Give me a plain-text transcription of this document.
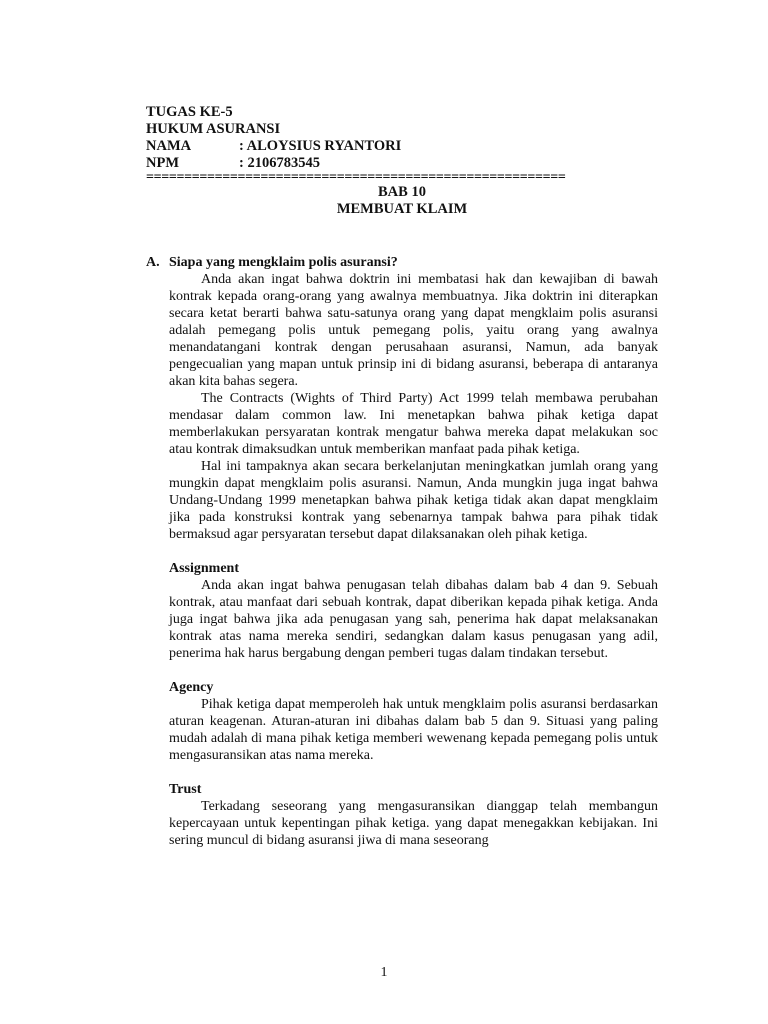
TUGAS KE-5
HUKUM ASURANSI
NAMA	: ALOYSIUS RYANTORI
NPM	: 2106783545
=======================================================
BAB 10
MEMBUAT KLAIM
A. Siapa yang mengklaim polis asuransi?

Anda akan ingat bahwa doktrin ini membatasi hak dan kewajiban di bawah kontrak kepada orang-orang yang awalnya membuatnya. Jika doktrin ini diterapkan secara ketat berarti bahwa satu-satunya orang yang dapat mengklaim polis asuransi adalah pemegang polis untuk pemegang polis, yaitu orang yang awalnya menandatangani kontrak dengan perusahaan asuransi, Namun, ada banyak pengecualian yang mapan untuk prinsip ini di bidang asuransi, beberapa di antaranya akan kita bahas segera.

The Contracts (Wights of Third Party) Act 1999 telah membawa perubahan mendasar dalam common law. Ini menetapkan bahwa pihak ketiga dapat memberlakukan persyaratan kontrak mengatur bahwa mereka dapat melakukan soc atau kontrak dimaksudkan untuk memberikan manfaat pada pihak ketiga.

Hal ini tampaknya akan secara berkelanjutan meningkatkan jumlah orang yang mungkin dapat mengklaim polis asuransi. Namun, Anda mungkin juga ingat bahwa Undang-Undang 1999 menetapkan bahwa pihak ketiga tidak akan dapat mengklaim jika pada konstruksi kontrak yang sebenarnya tampak bahwa para pihak tidak bermaksud agar persyaratan tersebut dapat dilaksanakan oleh pihak ketiga.

Assignment

Anda akan ingat bahwa penugasan telah dibahas dalam bab 4 dan 9. Sebuah kontrak, atau manfaat dari sebuah kontrak, dapat diberikan kepada pihak ketiga. Anda juga ingat bahwa jika ada penugasan yang sah, penerima hak dapat melaksanakan kontrak atas nama mereka sendiri, sedangkan dalam kasus penugasan yang adil, penerima hak harus bergabung dengan pemberi tugas dalam tindakan tersebut.

Agency

Pihak ketiga dapat memperoleh hak untuk mengklaim polis asuransi berdasarkan aturan keagenan. Aturan-aturan ini dibahas dalam bab 5 dan 9. Situasi yang paling mudah adalah di mana pihak ketiga memberi wewenang kepada pemegang polis untuk mengasuransikan atas nama mereka.

Trust

Terkadang seseorang yang mengasuransikan dianggap telah membangun kepercayaan untuk kepentingan pihak ketiga. yang dapat menegakkan kebijakan. Ini sering muncul di bidang asuransi jiwa di mana seseorang

1
